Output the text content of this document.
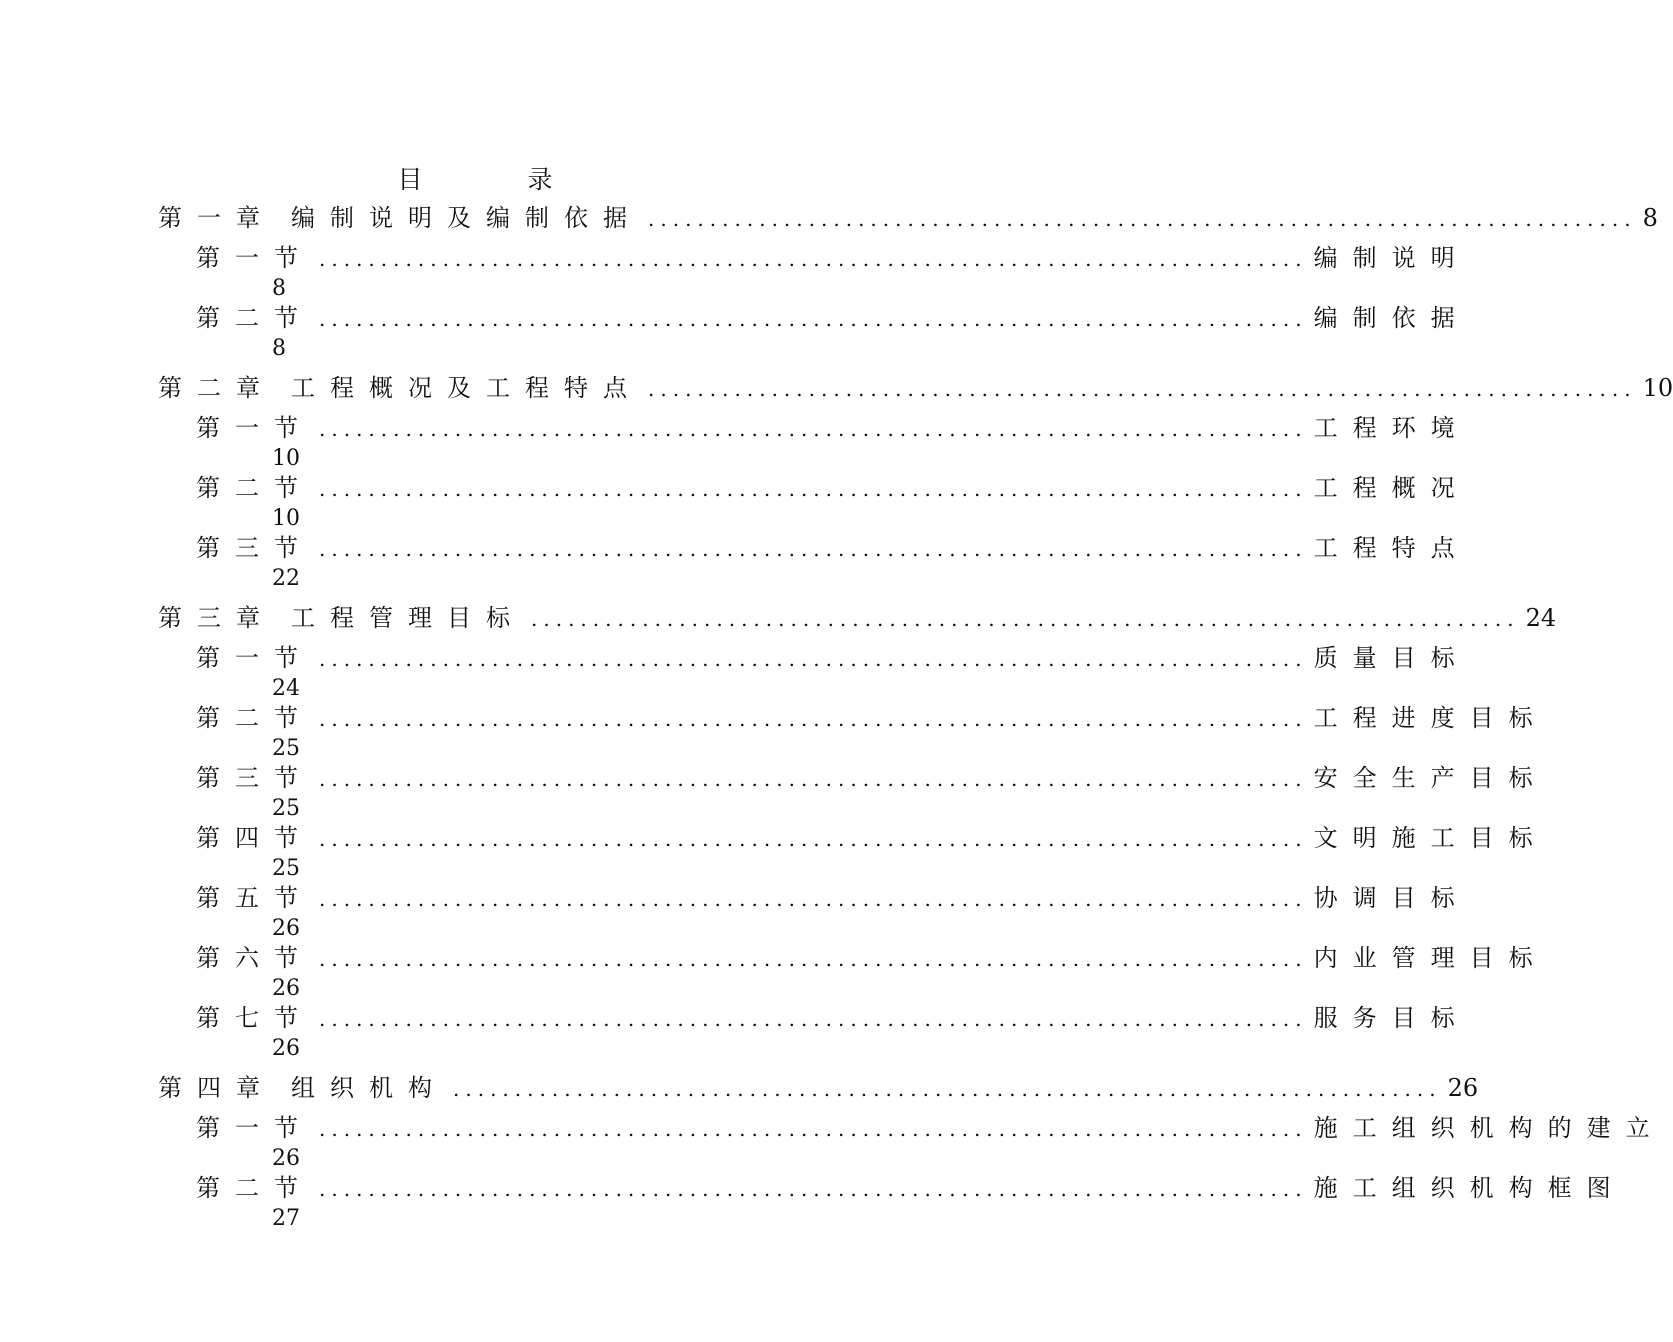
目　录
第一章 编制说明及编制依据 ................................................................................ 8
第一节 ................................................................................ 编制说明
8
第二节 ................................................................................ 编制依据
8
第二章 工程概况及工程特点 ................................................................................ 10
第一节 ................................................................................ 工程环境
10
第二节 ................................................................................ 工程概况
10
第三节 ................................................................................ 工程特点
22
第三章 工程管理目标 ................................................................................ 24
第一节 ................................................................................ 质量目标
24
第二节 ................................................................................ 工程进度目标
25
第三节 ................................................................................ 安全生产目标
25
第四节 ................................................................................ 文明施工目标
25
第五节 ................................................................................ 协调目标
26
第六节 ................................................................................ 内业管理目标
26
第七节 ................................................................................ 服务目标
26
第四章 组织机构 ................................................................................ 26
第一节 ................................................................................ 施工组织机构的建立
26
第二节 ................................................................................ 施工组织机构框图
27
